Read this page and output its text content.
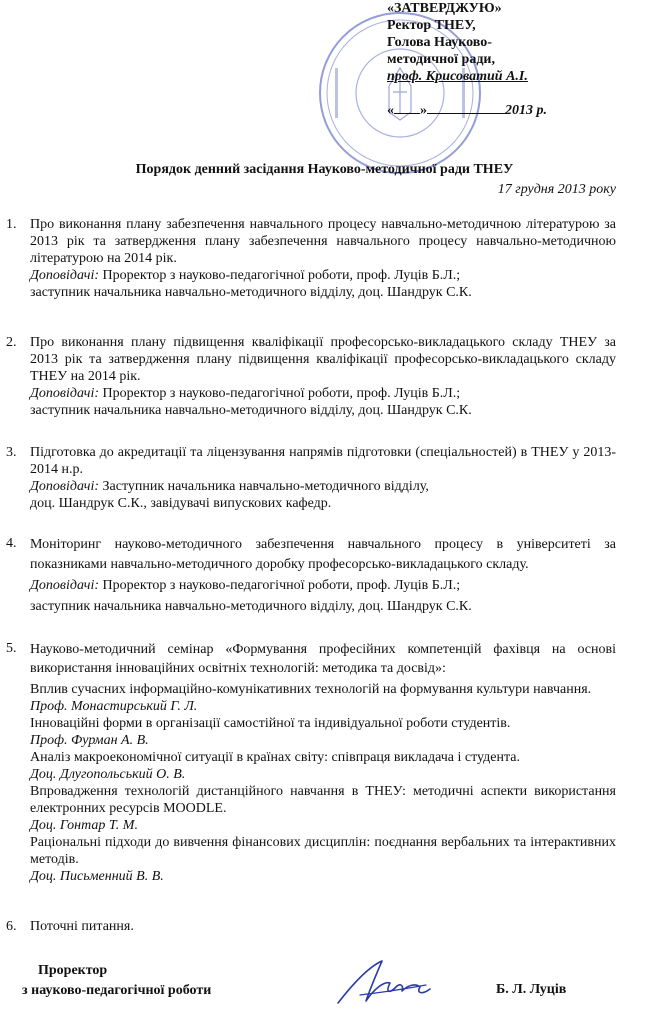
«ЗАТВЕРДЖУЮ»
Ректор ТНЕУ,
Голова Науково-
методичної ради,
проф. Крисоватий А.І.
« »	2013 р.
Порядок денний засідання Науково-методичної ради ТНЕУ
17 грудня 2013 року
1. Про виконання плану забезпечення навчального процесу навчально-методичною літературою за 2013 рік та затвердження плану забезпечення навчального процесу навчально-методичною літературою на 2014 рік.
Доповідачі: Проректор з науково-педагогічної роботи, проф. Луців Б.Л.;
заступник начальника навчально-методичного відділу, доц. Шандрук С.К.
2. Про виконання плану підвищення кваліфікації професорсько-викладацького складу ТНЕУ за 2013 рік та затвердження плану підвищення кваліфікації професорсько-викладацького складу ТНЕУ на 2014 рік.
Доповідачі: Проректор з науково-педагогічної роботи, проф. Луців Б.Л.;
заступник начальника навчально-методичного відділу, доц. Шандрук С.К.
3. Підготовка до акредитації та ліцензування напрямів підготовки (спеціальностей) в ТНЕУ у 2013-2014 н.р.
Доповідачі: Заступник начальника навчально-методичного відділу,
доц. Шандрук С.К., завідувачі випускових кафедр.
4. Моніторинг науково-методичного забезпечення навчального процесу в університеті за показниками навчально-методичного доробку професорсько-викладацького складу.
Доповідачі: Проректор з науково-педагогічної роботи, проф. Луців Б.Л.;
заступник начальника навчально-методичного відділу, доц. Шандрук С.К.
5. Науково-методичний семінар «Формування професійних компетенцій фахівця на основі використання інноваційних освітніх технологій: методика та досвід»:
Вплив сучасних інформаційно-комунікативних технологій на формування культури навчання.
Проф. Монастирський Г. Л.
Інноваційні форми в організації самостійної та індивідуальної роботи студентів.
Проф. Фурман А. В.
Аналіз макроекономічної ситуації в країнах світу: співпраця викладача і студента.
Доц. Длугопольський О. В.
Впровадження технологій дистанційного навчання в ТНЕУ: методичні аспекти використання електронних ресурсів MOODLE.
Доц. Гонтар Т. М.
Раціональні підходи до вивчення фінансових дисциплін: поєднання вербальних та інтерактивних методів.
Доц. Письменний В. В.
6. Поточні питання.
Проректор
з науково-педагогічної роботи	Б. Л. Луців
